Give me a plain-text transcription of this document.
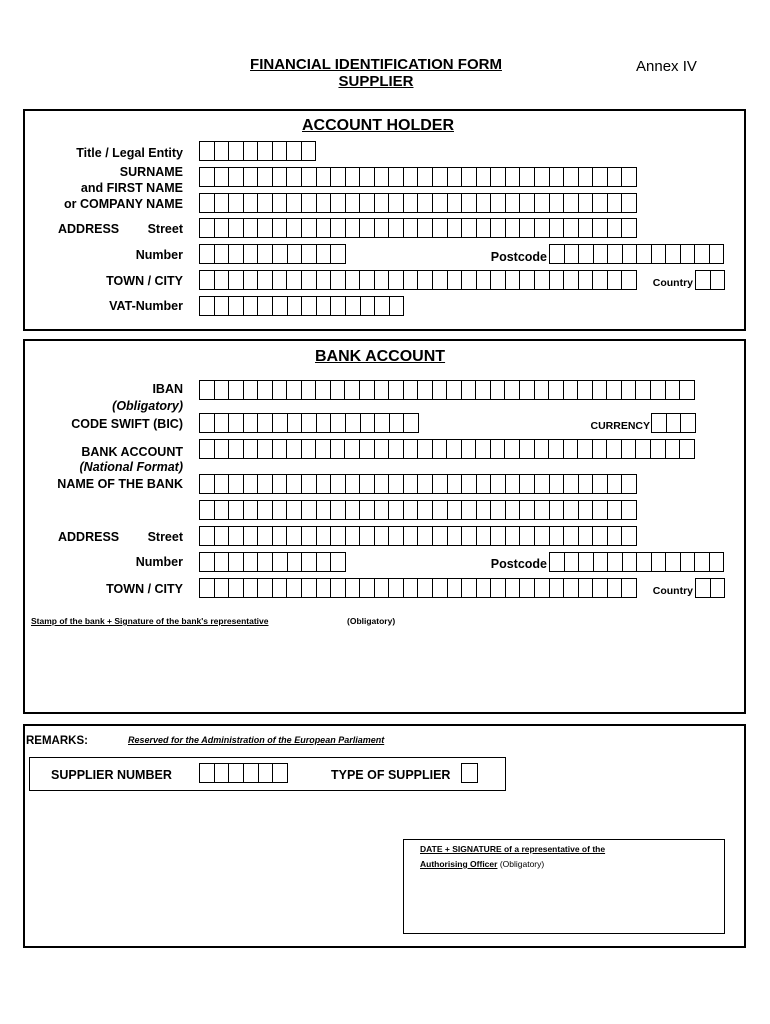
FINANCIAL IDENTIFICATION FORM
SUPPLIER
Annex IV
ACCOUNT HOLDER
Title / Legal Entity
SURNAME
and FIRST NAME
or COMPANY NAME
ADDRESS Street
Number	Postcode
TOWN / CITY	Country
VAT-Number
BANK ACCOUNT
IBAN
(Obligatory)
CODE SWIFT (BIC)	CURRENCY
BANK ACCOUNT
(National Format)
NAME OF THE BANK
ADDRESS Street
Number	Postcode
TOWN / CITY	Country
Stamp of the bank + Signature of the bank's representative	(Obligatory)
REMARKS:	Reserved for the Administration of the European Parliament
SUPPLIER NUMBER	TYPE OF SUPPLIER
DATE + SIGNATURE of a representative of the
Authorising Officer (Obligatory)
